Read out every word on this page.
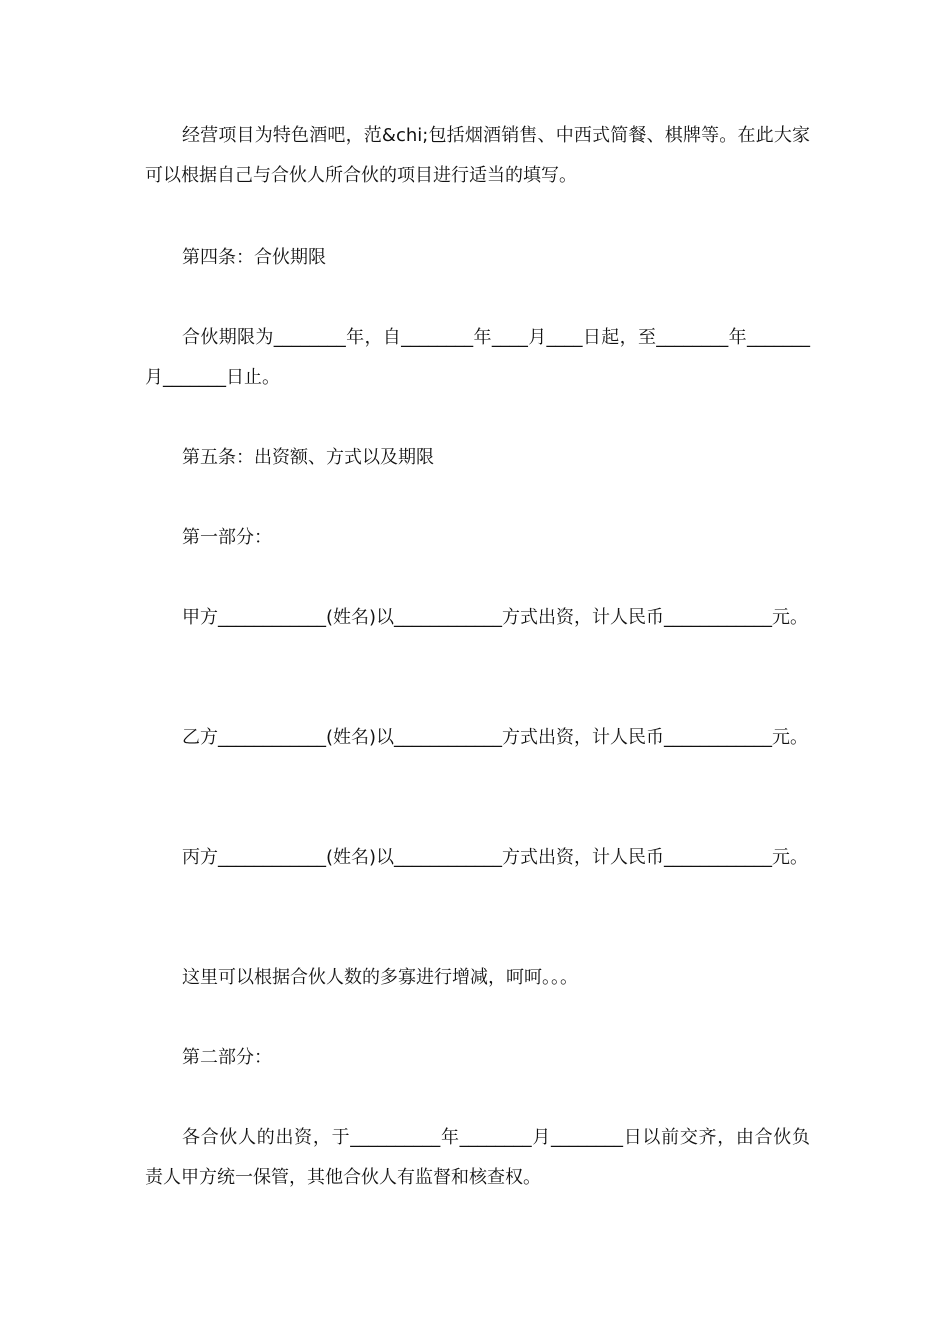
经营项目为特色酒吧，范&chi;包括烟酒销售、中西式简餐、棋牌等。在此大家可以根据自己与合伙人所合伙的项目进行适当的填写。

第四条：合伙期限

合伙期限为________年，自________年____月____日起，至________年_______月_______日止。

第五条：出资额、方式以及期限

第一部分：

甲方____________(姓名)以____________方式出资，计人民币____________元。

乙方____________(姓名)以____________方式出资，计人民币____________元。

丙方____________(姓名)以____________方式出资，计人民币____________元。

这里可以根据合伙人数的多寡进行增减，呵呵。。。

第二部分：

各合伙人的出资，于__________年________月________日以前交齐，由合伙负责人甲方统一保管，其他合伙人有监督和核查权。
